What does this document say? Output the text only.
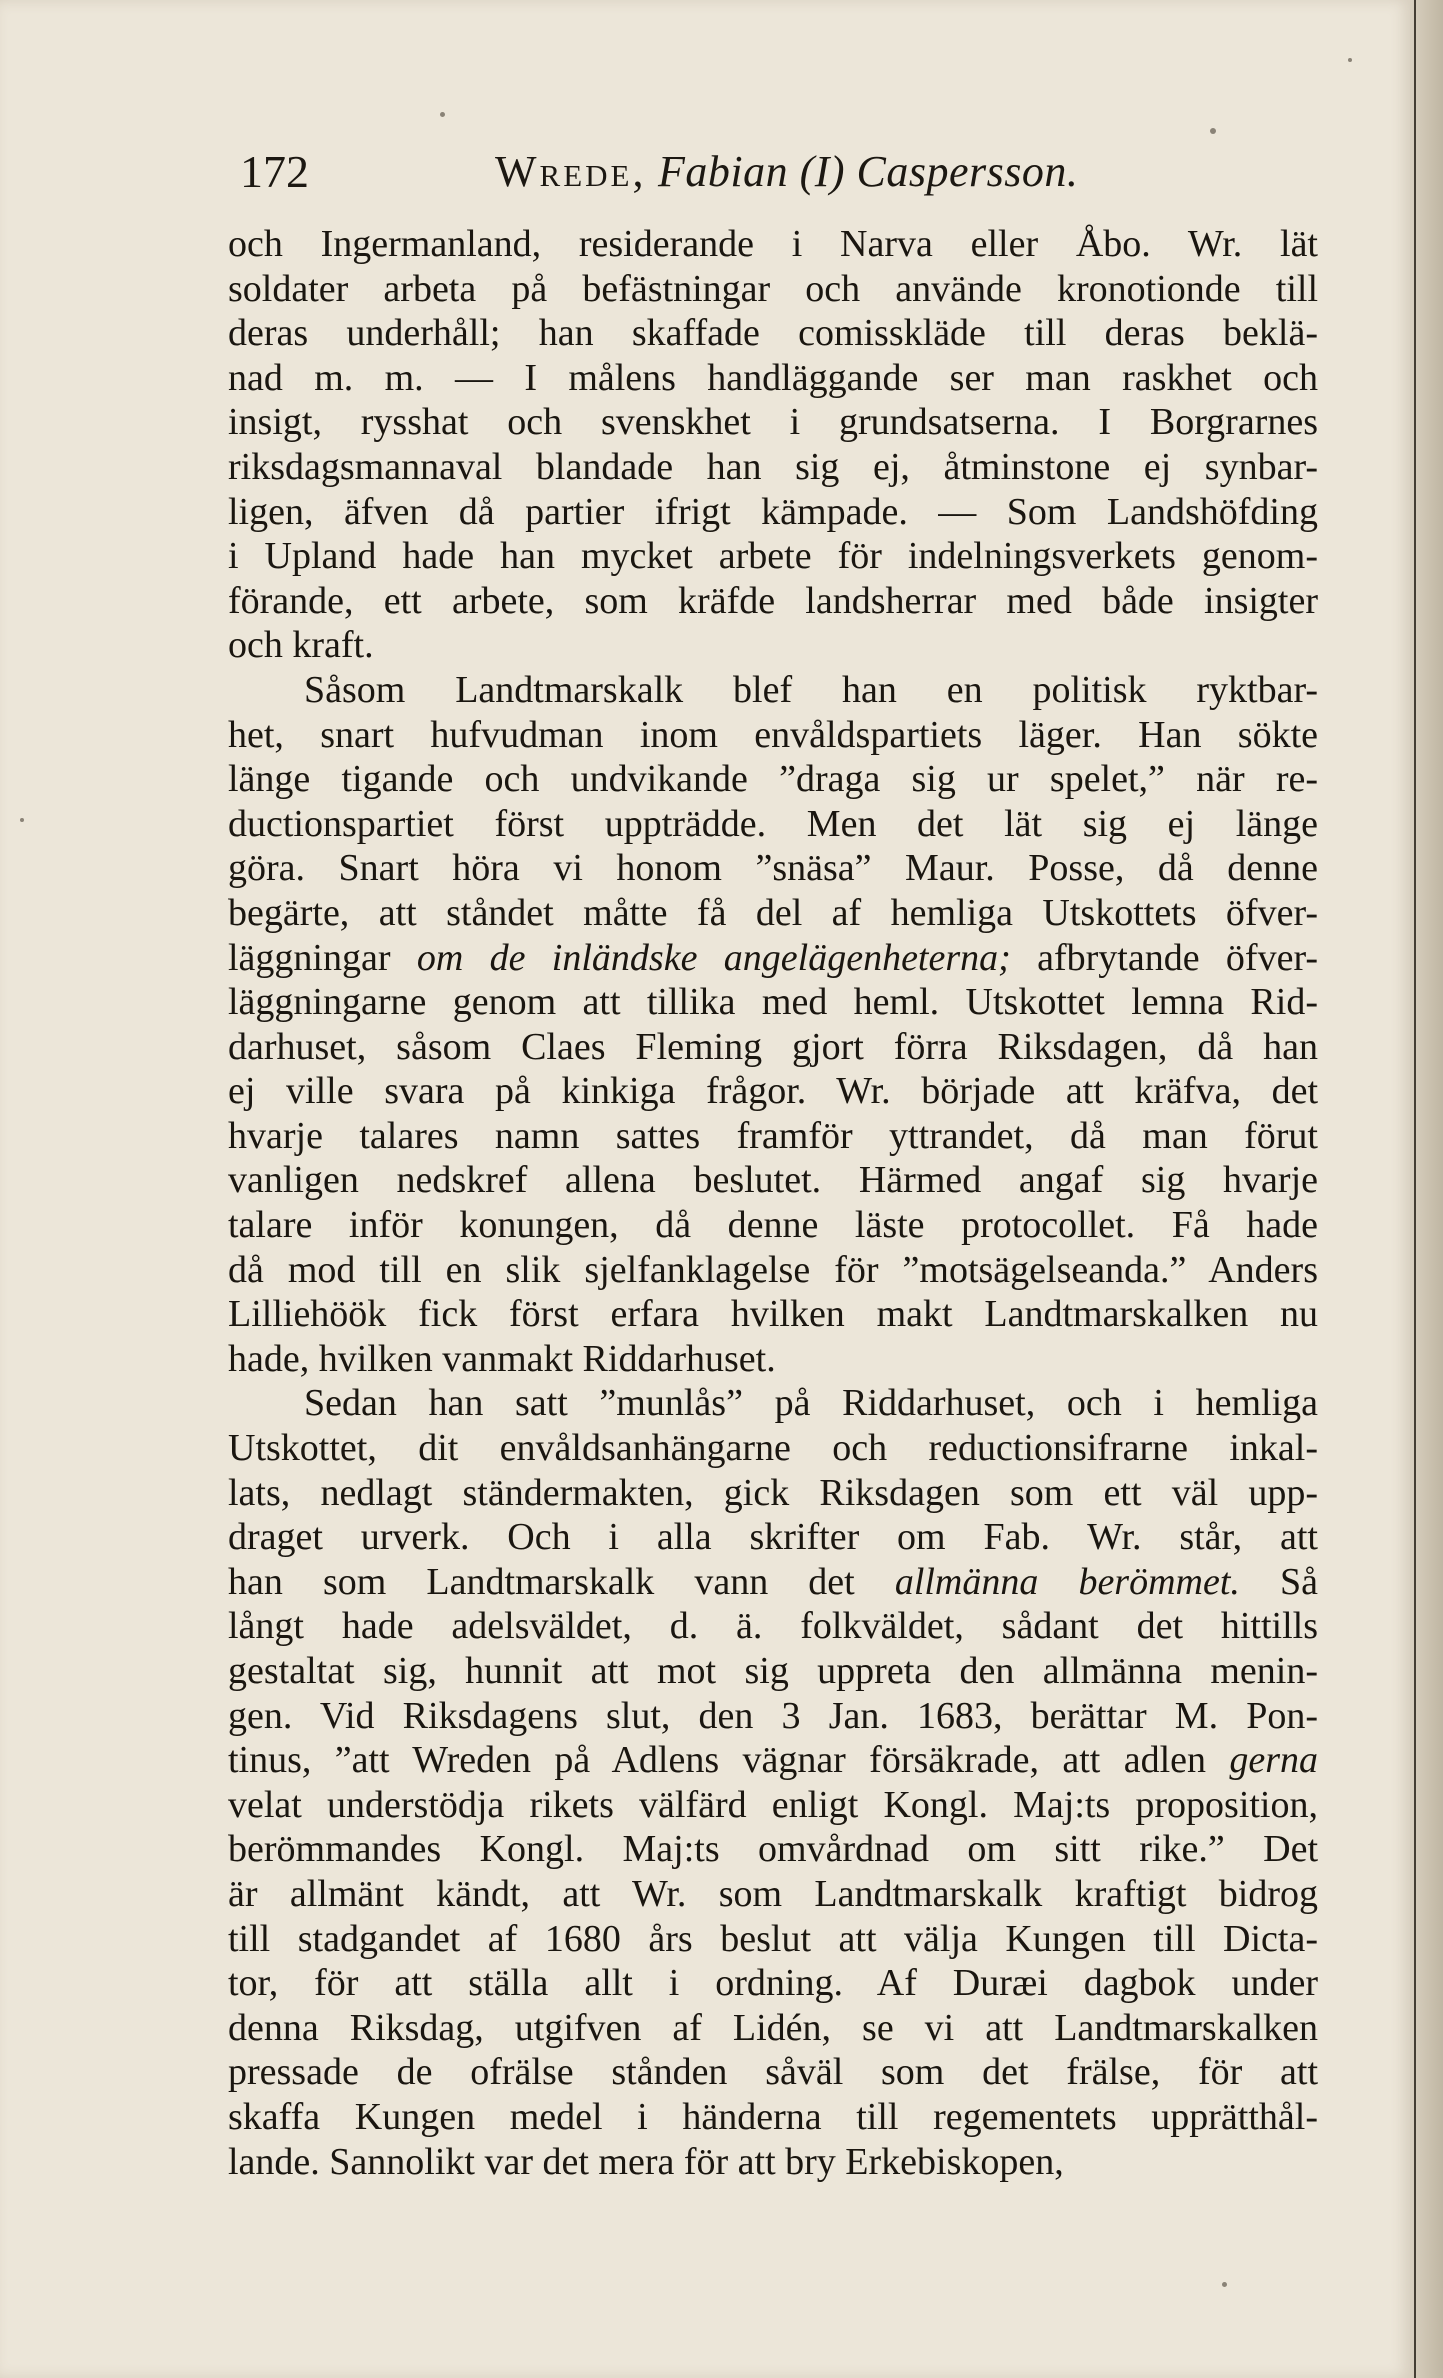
172	Wrede, Fabian (I) Caspersson.
och Ingermanland, residerande i Narva eller Åbo. Wr. lät
soldater arbeta på befästningar och använde kronotionde till
deras underhåll; han skaffade comisskläde till deras beklä-
nad m. m. — I målens handläggande ser man raskhet och
insigt, rysshat och svenskhet i grundsatserna. I Borgrarnes
riksdagsmannaval blandade han sig ej, åtminstone ej synbar-
ligen, äfven då partier ifrigt kämpade. — Som Landshöfding
i Upland hade han mycket arbete för indelningsverkets genom-
förande, ett arbete, som kräfde landsherrar med både insigter
och kraft.
Såsom Landtmarskalk blef han en politisk ryktbar-
het, snart hufvudman inom envåldspartiets läger. Han sökte
länge tigande och undvikande ”draga sig ur spelet,” när re-
ductionspartiet först uppträdde. Men det lät sig ej länge
göra. Snart höra vi honom ”snäsa” Maur. Posse, då denne
begärte, att ståndet måtte få del af hemliga Utskottets öfver-
läggningar om de inländske angelägenheterna; afbrytande öfver-
läggningarne genom att tillika med heml. Utskottet lemna Rid-
darhuset, såsom Claes Fleming gjort förra Riksdagen, då han
ej ville svara på kinkiga frågor. Wr. började att kräfva, det
hvarje talares namn sattes framför yttrandet, då man förut
vanligen nedskref allena beslutet. Härmed angaf sig hvarje
talare inför konungen, då denne läste protocollet. Få hade
då mod till en slik sjelfanklagelse för ”motsägelseanda.” Anders
Lilliehöök fick först erfara hvilken makt Landtmarskalken nu
hade, hvilken vanmakt Riddarhuset.
Sedan han satt ”munlås” på Riddarhuset, och i hemliga
Utskottet, dit envåldsanhängarne och reductionsifrarne inkal-
lats, nedlagt ständermakten, gick Riksdagen som ett väl upp-
draget urverk. Och i alla skrifter om Fab. Wr. står, att
han som Landtmarskalk vann det allmänna berömmet. Så
långt hade adelsväldet, d. ä. folkväldet, sådant det hittills
gestaltat sig, hunnit att mot sig uppreta den allmänna menin-
gen. Vid Riksdagens slut, den 3 Jan. 1683, berättar M. Pon-
tinus, ”att Wreden på Adlens vägnar försäkrade, att adlen gerna
velat understödja rikets välfärd enligt Kongl. Maj:ts proposition,
berömmandes Kongl. Maj:ts omvårdnad om sitt rike.” Det
är allmänt kändt, att Wr. som Landtmarskalk kraftigt bidrog
till stadgandet af 1680 års beslut att välja Kungen till Dicta-
tor, för att ställa allt i ordning. Af Duræi dagbok under
denna Riksdag, utgifven af Lidén, se vi att Landtmarskalken
pressade de ofrälse stånden såväl som det frälse, för att
skaffa Kungen medel i händerna till regementets upprätthål-
lande. Sannolikt var det mera för att bry Erkebiskopen,
